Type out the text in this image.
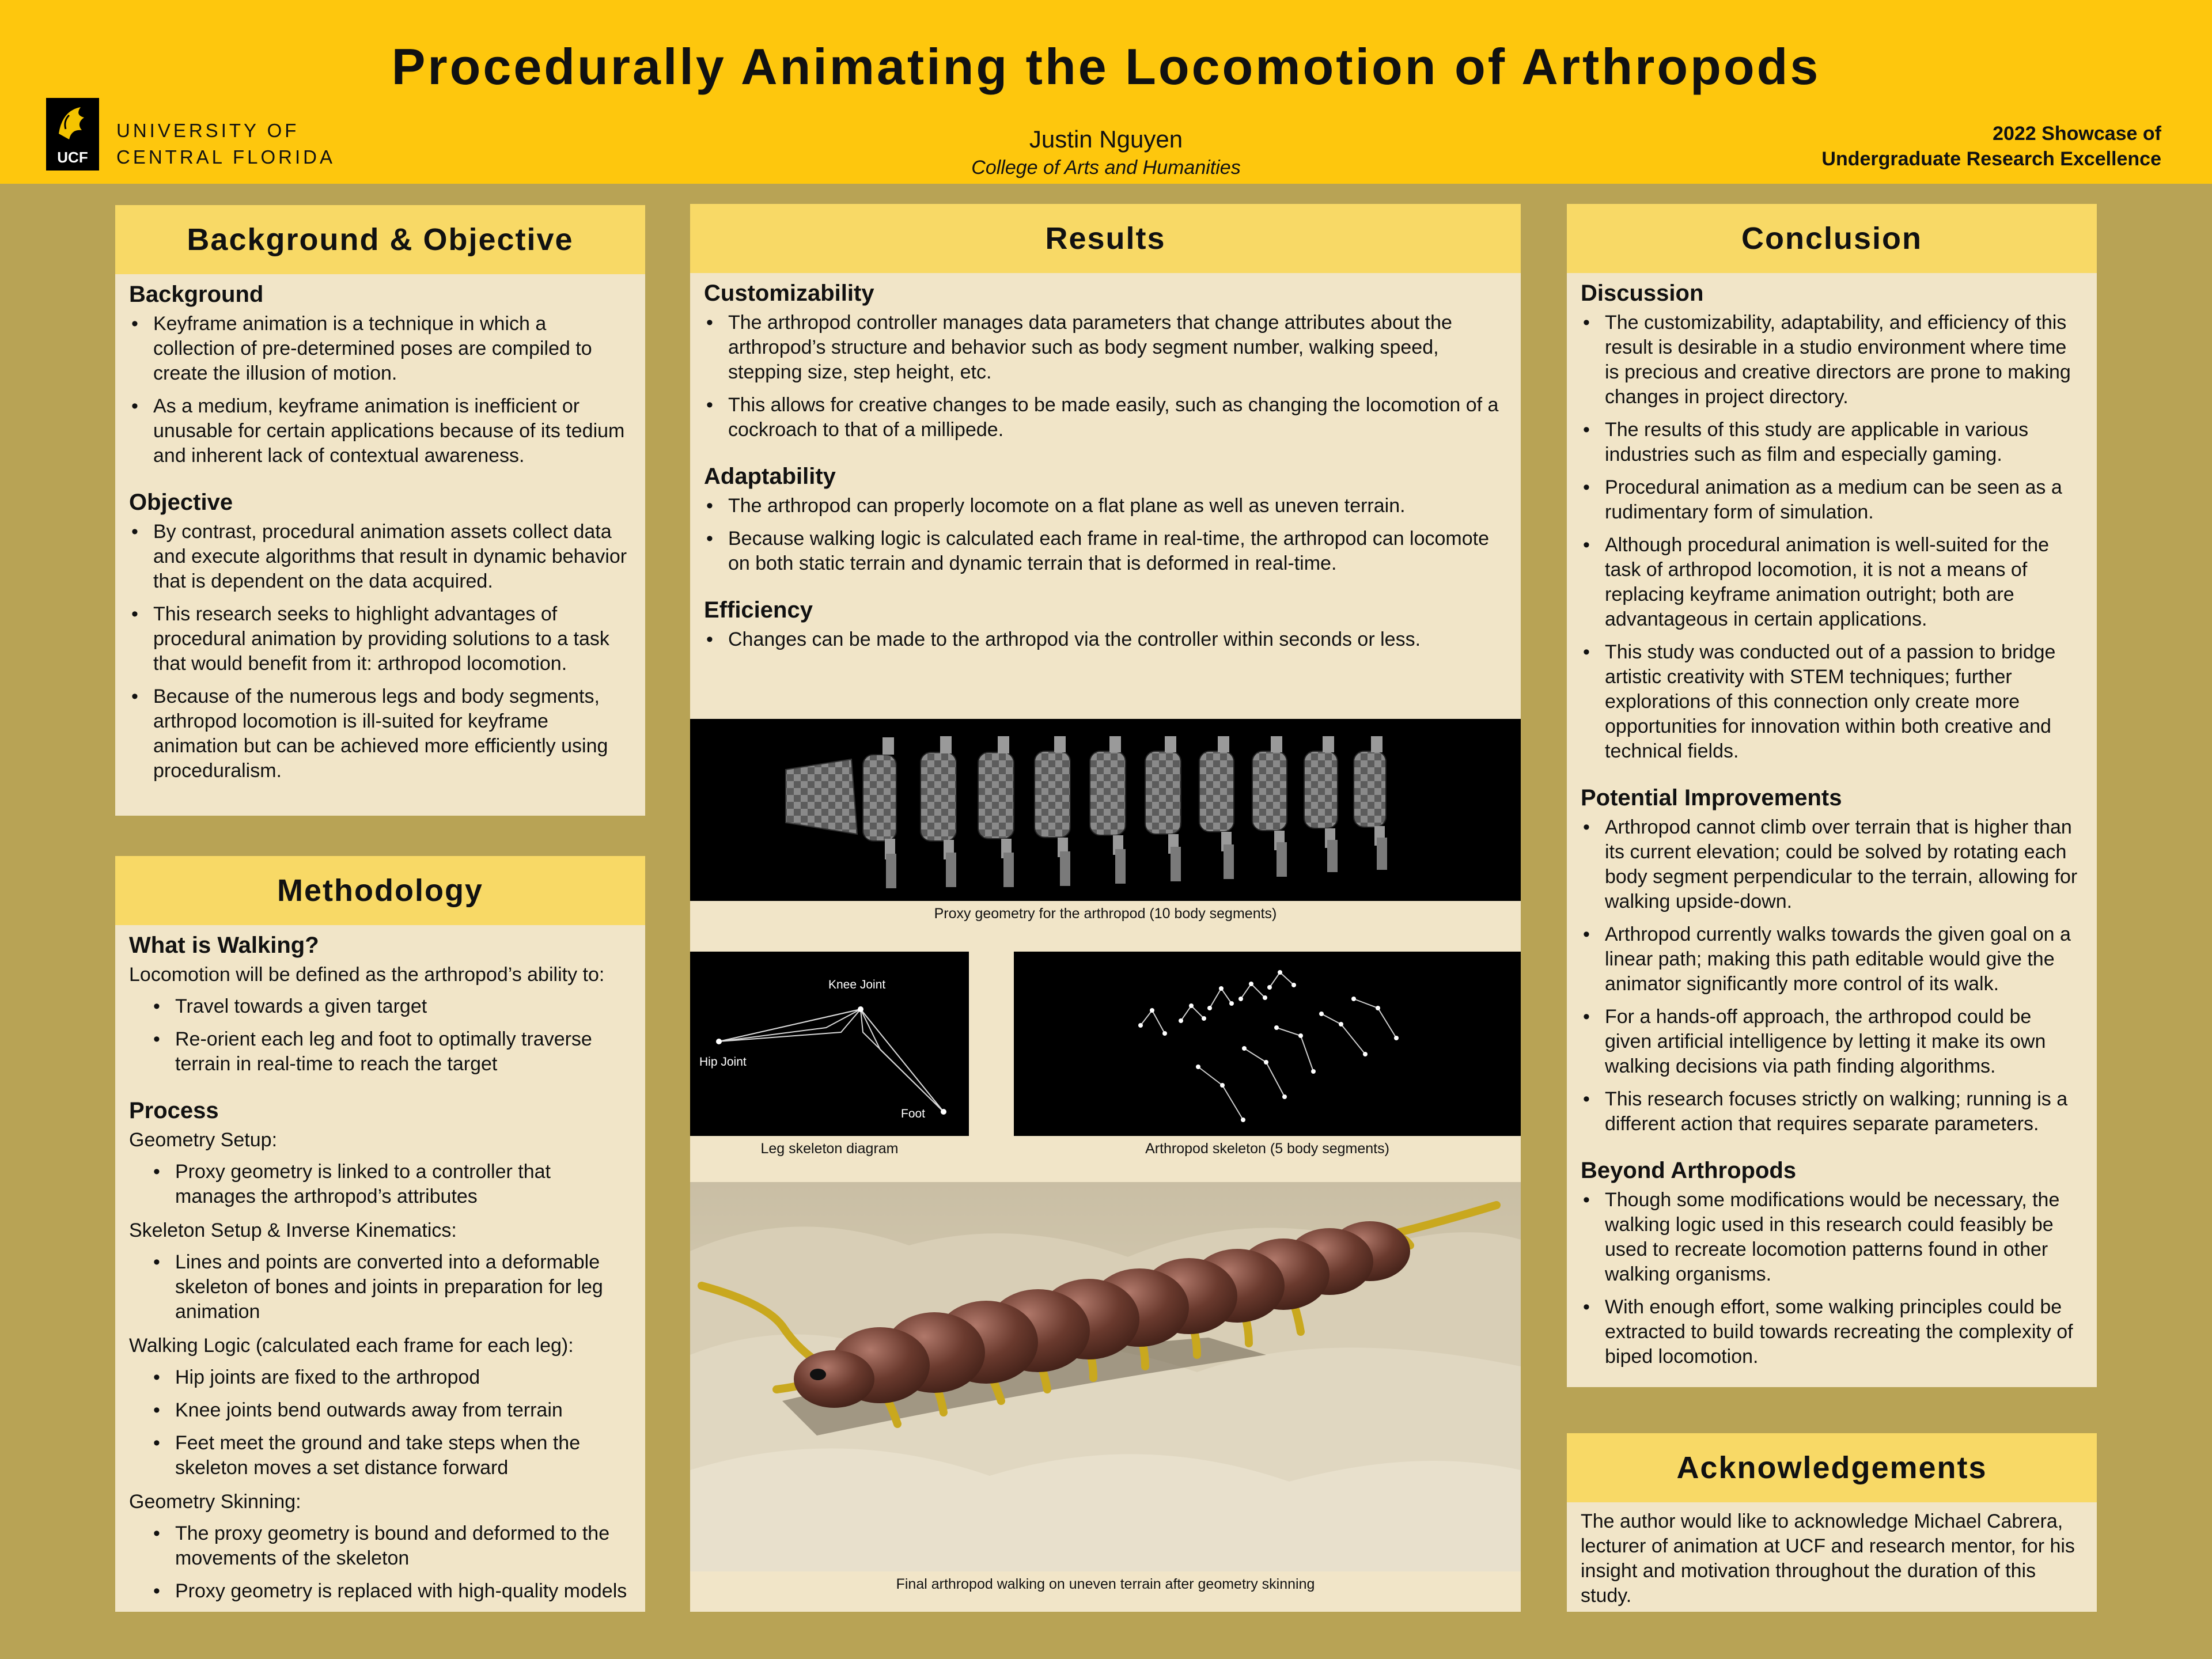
Procedurally Animating the Locomotion of Arthropods
UCF
UNIVERSITY OF
CENTRAL FLORIDA
Justin Nguyen
College of Arts and Humanities
2022 Showcase of
Undergraduate Research Excellence
Background & Objective
Background
• Keyframe animation is a technique in which a collection of pre-determined poses are compiled to create the illusion of motion.
• As a medium, keyframe animation is inefficient or unusable for certain applications because of its tedium and inherent lack of contextual awareness.
Objective
• By contrast, procedural animation assets collect data and execute algorithms that result in dynamic behavior that is dependent on the data acquired.
• This research seeks to highlight advantages of procedural animation by providing solutions to a task that would benefit from it: arthropod locomotion.
• Because of the numerous legs and body segments, arthropod locomotion is ill-suited for keyframe animation but can be achieved more efficiently using proceduralism.
Methodology
What is Walking?

Locomotion will be defined as the arthropod’s ability to:

• Travel towards a given target
• Re-orient each leg and foot to optimally traverse terrain in real-time to reach the target
Process

Geometry Setup:

• Proxy geometry is linked to a controller that manages the arthropod’s attributes

Skeleton Setup & Inverse Kinematics:

• Lines and points are converted into a deformable skeleton of bones and joints in preparation for leg animation

Walking Logic (calculated each frame for each leg):

• Hip joints are fixed to the arthropod
• Knee joints bend outwards away from terrain
• Feet meet the ground and take steps when the skeleton moves a set distance forward

Geometry Skinning:

• The proxy geometry is bound and deformed to the movements of the skeleton
• Proxy geometry is replaced with high-quality models
Results
Customizability
• The arthropod controller manages data parameters that change attributes about the arthropod’s structure and behavior such as body segment number, walking speed, stepping size, step height, etc.
• This allows for creative changes to be made easily, such as changing the locomotion of a cockroach to that of a millipede.
Adaptability
• The arthropod can properly locomote on a flat plane as well as uneven terrain.
• Because walking logic is calculated each frame in real-time, the arthropod can locomote on both static terrain and dynamic terrain that is deformed in real-time.
Efficiency
• Changes can be made to the arthropod via the controller within seconds or less.
Proxy geometry for the arthropod (10 body segments)
Knee Joint
Hip Joint
Foot
Leg skeleton diagram	Arthropod skeleton (5 body segments)
Final arthropod walking on uneven terrain after geometry skinning
Conclusion
Discussion
• The customizability, adaptability, and efficiency of this result is desirable in a studio environment where time is precious and creative directors are prone to making changes in project directory.
• The results of this study are applicable in various industries such as film and especially gaming.
• Procedural animation as a medium can be seen as a rudimentary form of simulation.
• Although procedural animation is well-suited for the task of arthropod locomotion, it is not a means of replacing keyframe animation outright; both are advantageous in certain applications.
• This study was conducted out of a passion to bridge artistic creativity with STEM techniques; further explorations of this connection only create more opportunities for innovation within both creative and technical fields.
Potential Improvements
• Arthropod cannot climb over terrain that is higher than its current elevation; could be solved by rotating each body segment perpendicular to the terrain, allowing for walking upside-down.
• Arthropod currently walks towards the given goal on a linear path; making this path editable would give the animator significantly more control of its walk.
• For a hands-off approach, the arthropod could be given artificial intelligence by letting it make its own walking decisions via path finding algorithms.
• This research focuses strictly on walking; running is a different action that requires separate parameters.
Beyond Arthropods
• Though some modifications would be necessary, the walking logic used in this research could feasibly be used to recreate locomotion patterns found in other walking organisms.
• With enough effort, some walking principles could be extracted to build towards recreating the complexity of biped locomotion.
Acknowledgements

The author would like to acknowledge Michael Cabrera, lecturer of animation at UCF and research mentor, for his insight and motivation throughout the duration of this study.
